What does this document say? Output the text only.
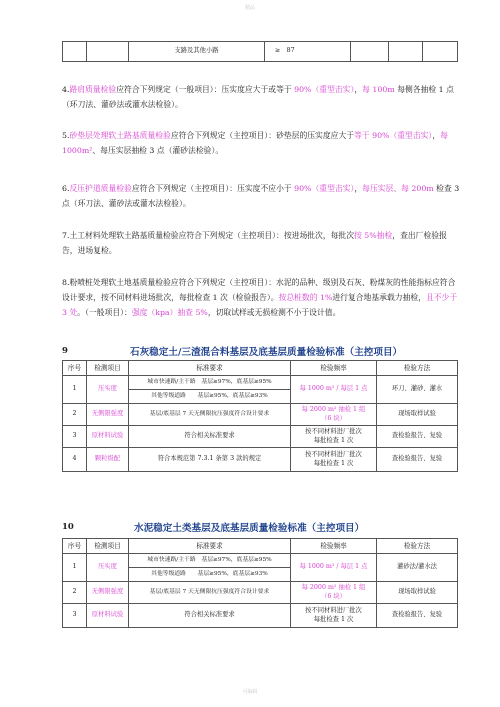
精品
		支路及其他小路	≥　87			
4.路肩质量检验应符合下列规定（一般项目）：压实度应大于或等于 90%（重型击实），每 100m 每侧各抽检 1 点（环刀法、灌砂法或灌水法检验）。
5.砂垫层处理软土路基质量检验应符合下列规定（主控项目）：砂垫层的压实度应大于等于 90%（重型击实），每 1000m²、每压实层抽检 3 点（灌砂法检验）。
6.反压护道质量检验应符合下列规定（主控项目）：压实度不应小于 90%（重型击实），每压实层、每 200m 检查 3 点（环刀法、灌砂法或灌水法检验）。
7.土工材料处理软土路基质量检验应符合下列规定（主控项目）：按进场批次，每批次按 5%抽检，查出厂检验报告，进场复检。
8.粉喷桩处理软土地基质量检验应符合下列规定（主控项目）：水泥的品种、级别及石灰、粉煤灰的性能指标应符合设计要求，按不同材料进场批次，每批检查 1 次（检验报告）。按总桩数的 1%进行复合地基承载力抽检，且不少于 3 处。（一般项目）：强度（kpa）抽查 5%，切取试样或无损检测不小于设计值。
9	石灰稳定土/三渣混合料基层及底基层质量检验标准（主控项目）
序号	检测项目	标准要求	检验频率	检验方法
1	压实度	城市快速路/主干路　基层≥97%，底基层≥95%	每 1000 m² / 每层 1 点	环刀、灌砂、灌水
		其他等级道路　　基层≥95%，底基层≥93%		
2	无侧限强度	基层/底基层 7 天无侧限抗压强度符合设计要求	每 2000 m² 抽检 1 组
（6 块）	现场取样试验
3	原材料试验	符合相关标准要求	按不同材料进厂批次
每批检查 1 次	查检验报告、复验
4	颗粒级配	符合本规范第 7.3.1 条第 3 款的规定	按不同材料进厂批次
每批检查 1 次	查检验报告、复验
10	水泥稳定土类基层及底基层质量检验标准（主控项目）
序号	检测项目	标准要求	检验频率	检验方法
1	压实度	城市快速路/主干路　基层≥97%，底基层≥95%	每 1000 m² / 每层 1 点	灌砂法/灌水法
		其他等级道路　　基层≥95%，底基层≥93%		
2	无侧限强度	基层/底基层 7 天无侧限抗压强度符合设计要求	每 2000 m² 抽检 1 组
（6 块）	现场取样试验
3	原材料试验	符合相关标准要求	按不同材料进厂批次
每批检查 1 次	查检验报告、复验
可编辑
